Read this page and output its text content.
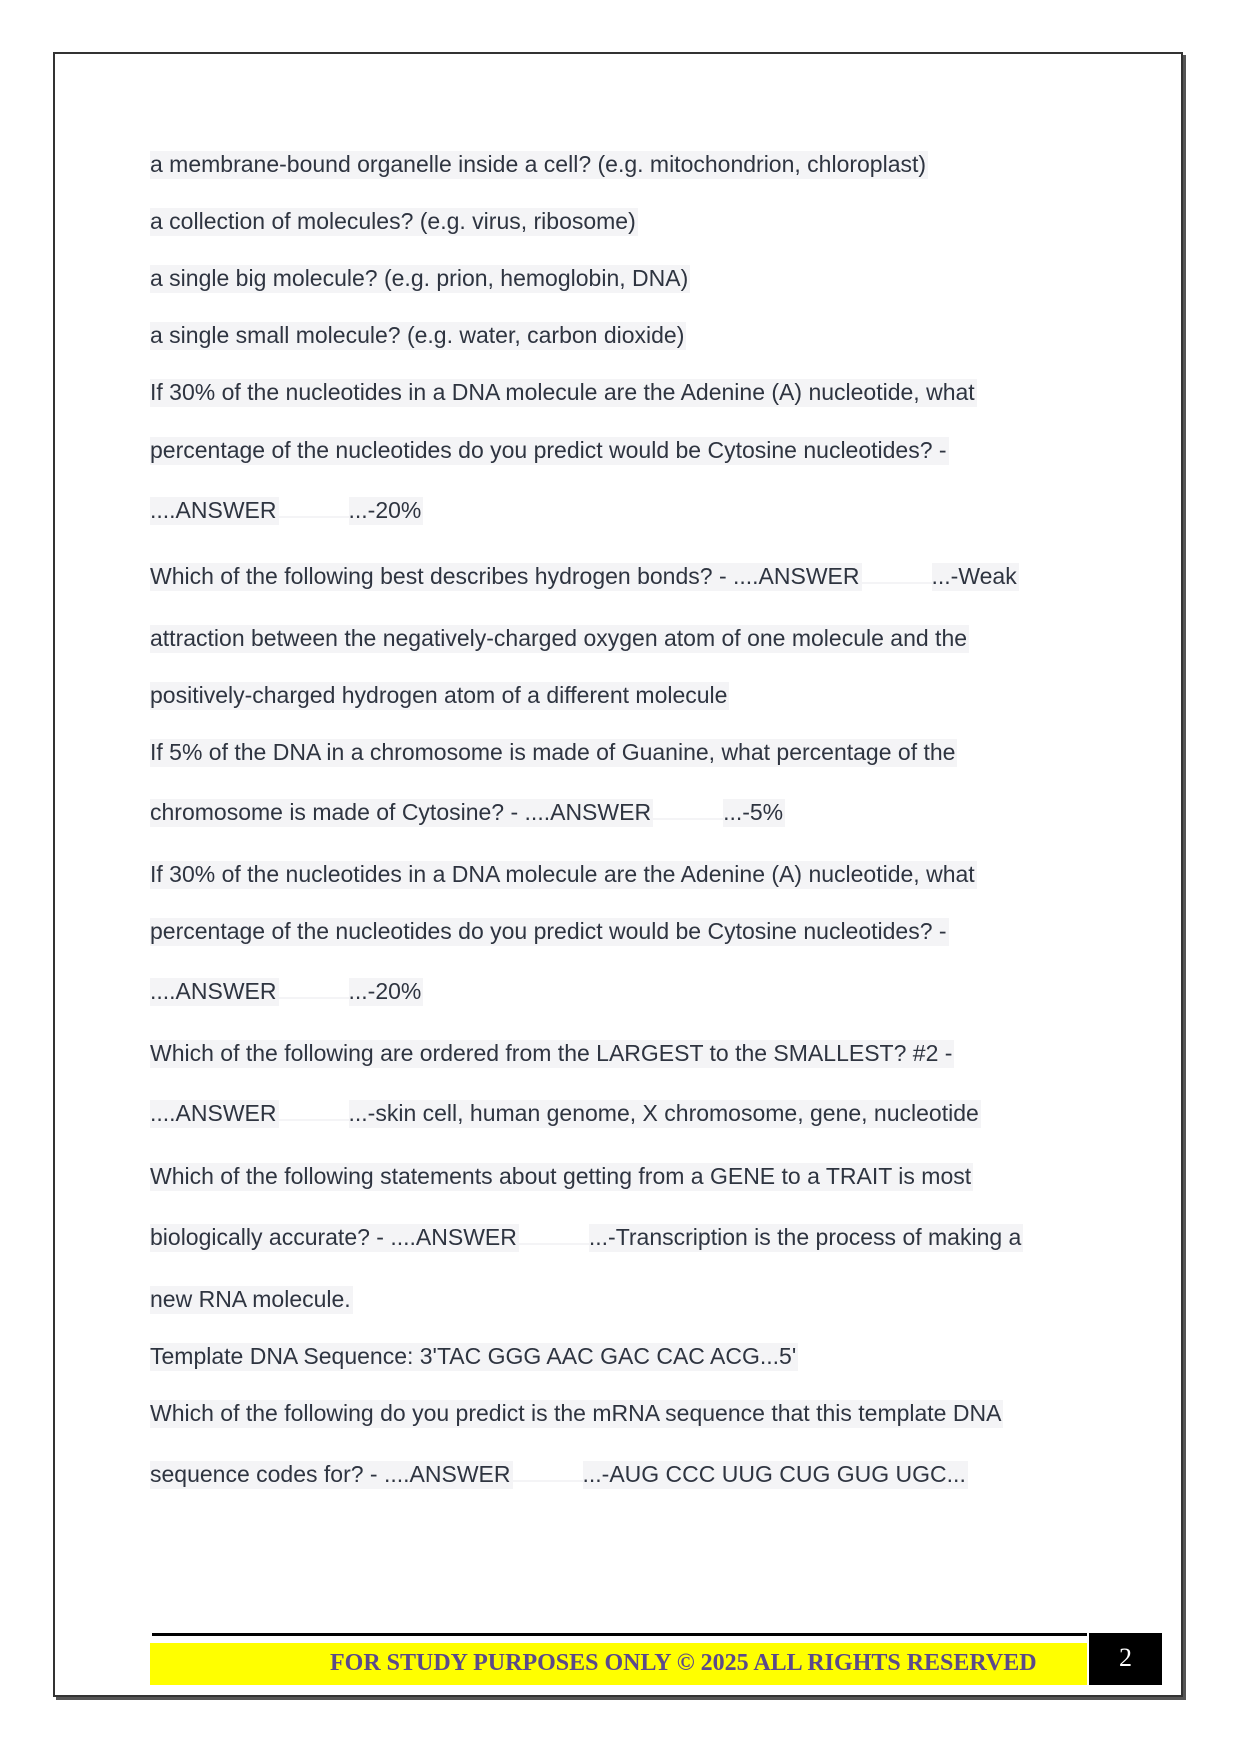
a membrane-bound organelle inside a cell? (e.g. mitochondrion, chloroplast)
a collection of molecules? (e.g. virus, ribosome)
a single big molecule? (e.g. prion, hemoglobin, DNA)
a single small molecule? (e.g. water, carbon dioxide)
If 30% of the nucleotides in a DNA molecule are the Adenine (A) nucleotide, what
percentage of the nucleotides do you predict would be Cytosine nucleotides? -
....ANSWER	...-20%
Which of the following best describes hydrogen bonds? - ....ANSWER	...-Weak
attraction between the negatively-charged oxygen atom of one molecule and the
positively-charged hydrogen atom of a different molecule
If 5% of the DNA in a chromosome is made of Guanine, what percentage of the
chromosome is made of Cytosine? - ....ANSWER	...-5%
If 30% of the nucleotides in a DNA molecule are the Adenine (A) nucleotide, what
percentage of the nucleotides do you predict would be Cytosine nucleotides? -
....ANSWER	...-20%
Which of the following are ordered from the LARGEST to the SMALLEST? #2 -
....ANSWER	...-skin cell, human genome, X chromosome, gene, nucleotide
Which of the following statements about getting from a GENE to a TRAIT is most
biologically accurate? - ....ANSWER	...-Transcription is the process of making a
new RNA molecule.
Template DNA Sequence: 3'TAC GGG AAC GAC CAC ACG...5'
Which of the following do you predict is the mRNA sequence that this template DNA
sequence codes for? - ....ANSWER	...-AUG CCC UUG CUG GUG UGC...
FOR STUDY PURPOSES ONLY © 2025 ALL RIGHTS RESERVED	2
